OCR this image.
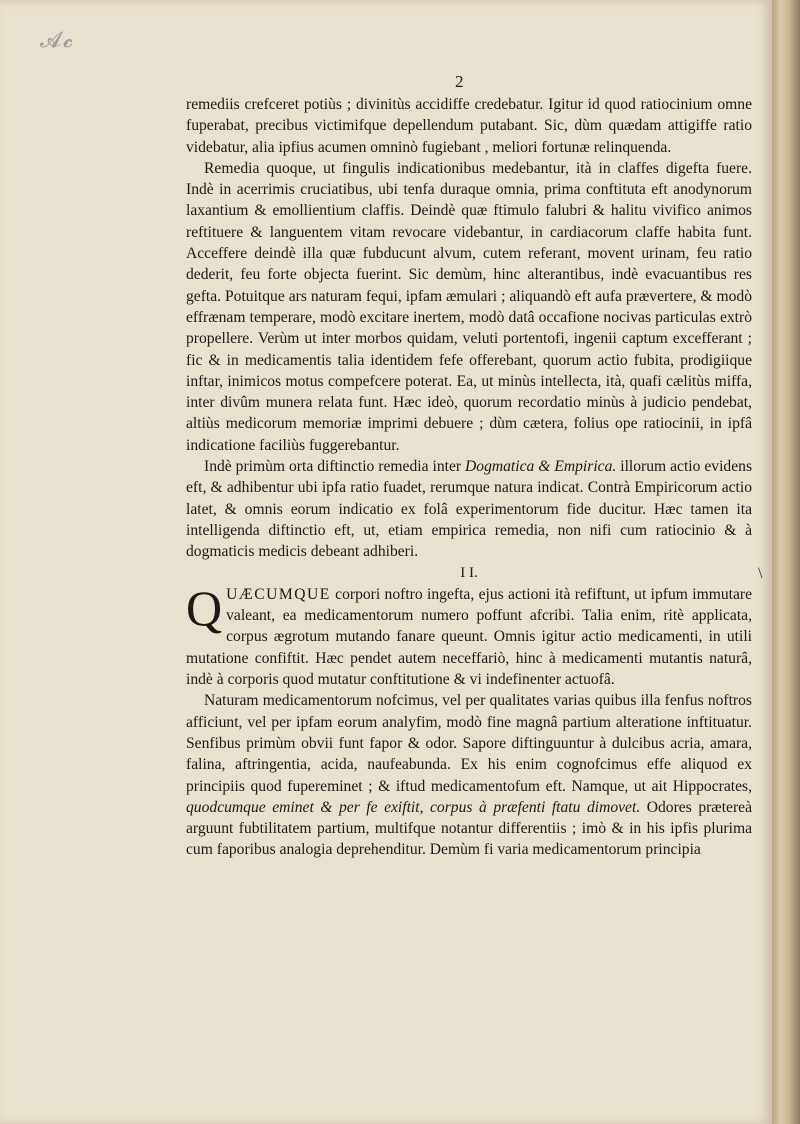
𝓐𝓬
2

remediis crefceret potiùs ; divinitùs accidiffe credebatur. Igitur id quod ratiocinium omne fuperabat, precibus victimifque depellendum putabant. Sic, dùm quædam attigiffe ratio videbatur, alia ipfius acumen omninò fugiebant , meliori fortunæ relinquenda.

Remedia quoque, ut fingulis indicationibus medebantur, ità in claffes digefta fuere. Indè in acerrimis cruciatibus, ubi tenfa duraque omnia, prima conftituta eft anodynorum laxantium & emollientium claffis. Deindè quæ ftimulo falubri & halitu vivifico animos reftituere & languentem vitam revocare videbantur, in cardiacorum claffe habita funt. Acceffere deindè illa quæ fubducunt alvum, cutem referant, movent urinam, feu ratio dederit, feu forte objecta fuerint. Sic demùm, hinc alterantibus, indè evacuantibus res gefta. Potuitque ars naturam fequi, ipfam æmulari ; aliquandò eft aufa prævertere, & modò effrænam temperare, modò excitare inertem, modò datâ occafione nocivas particulas extrò propellere. Verùm ut inter morbos quidam, veluti portentofi, ingenii captum excefferant ; fic & in medicamentis talia identidem fefe offerebant, quorum actio fubita, prodigiique inftar, inimicos motus compefcere poterat. Ea, ut minùs intellecta, ità, quafi cælitùs miffa, inter divûm munera relata funt. Hæc ideò, quorum recordatio minùs à judicio pendebat, altiùs medicorum memoriæ imprimi debuere ; dùm cætera, folius ope ratiocinii, in ipfâ indicatione faciliùs fuggerebantur.

Indè primùm orta diftinctio remedia inter Dogmatica & Empirica. illorum actio evidens eft, & adhibentur ubi ipfa ratio fuadet, rerumque natura indicat. Contrà Empiricorum actio latet, & omnis eorum indicatio ex folâ experimentorum fide ducitur. Hæc tamen ita intelligenda diftinctio eft, ut, etiam empirica remedia, non nifi cum ratiocinio & à dogmaticis medicis debeant adhiberi.

I I.

QUÆCUMQUE corpori noftro ingefta, ejus actioni ità refiftunt, ut ipfum immutare valeant, ea medicamentorum numero poffunt afcribi. Talia enim, ritè applicata, corpus ægrotum mutando fanare queunt. Omnis igitur actio medicamenti, in utili mutatione confiftit. Hæc pendet autem neceffariò, hinc à medicamenti mutantis naturâ, indè à corporis quod mutatur conftitutione & vi indefinenter actuofâ.

Naturam medicamentorum nofcimus, vel per qualitates varias quibus illa fenfus noftros afficiunt, vel per ipfam eorum analyfim, modò fine magnâ partium alteratione inftituatur. Senfibus primùm obvii funt fapor & odor. Sapore diftinguuntur à dulcibus acria, amara, falina, aftringentia, acida, naufeabunda. Ex his enim cognofcimus effe aliquod ex principiis quod fupereminet ; & iftud medicamentofum eft. Namque, ut ait Hippocrates, quodcumque eminet & per fe exiftit, corpus à præfenti ftatu dimovet. Odores prætereà arguunt fubtilitatem partium, multifque notantur differentiis ; imò & in his ipfis plurima cum faporibus analogia deprehenditur. Demùm fi varia medicamentorum principia

\
